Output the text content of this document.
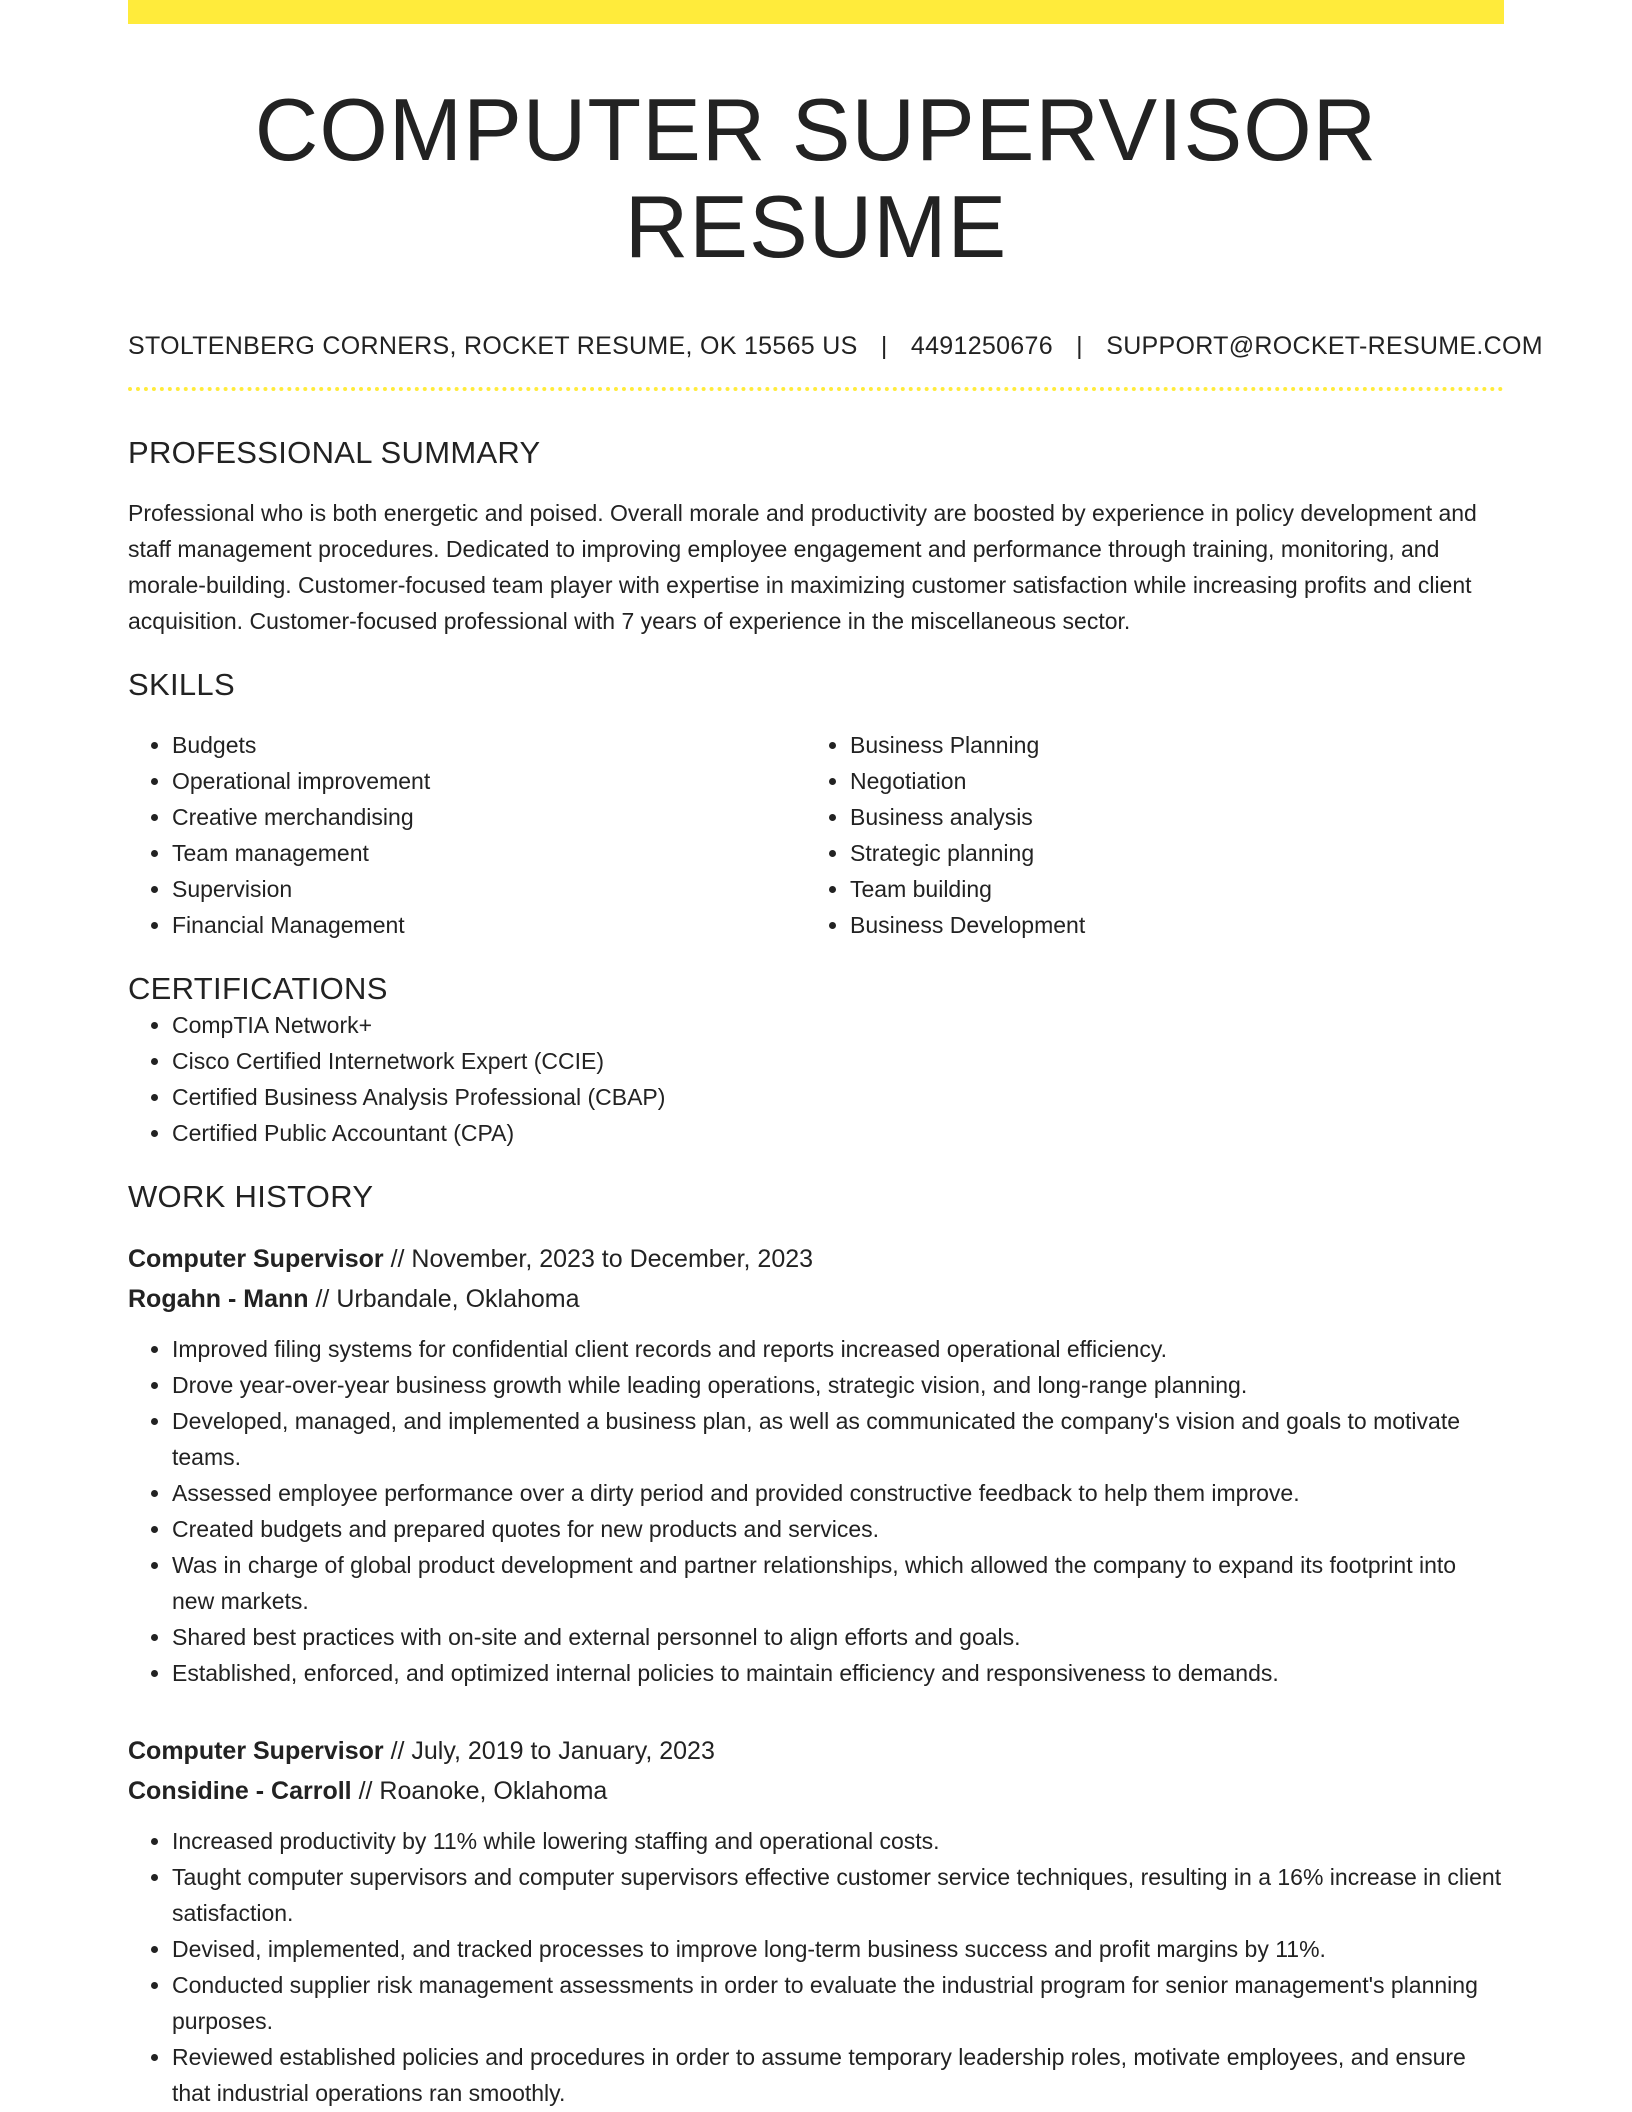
COMPUTER SUPERVISOR RESUME
STOLTENBERG CORNERS, ROCKET RESUME, OK 15565 US | 4491250676 | SUPPORT@ROCKET-RESUME.COM
PROFESSIONAL SUMMARY

Professional who is both energetic and poised. Overall morale and productivity are boosted by experience in policy development and staff management procedures. Dedicated to improving employee engagement and performance through training, monitoring, and morale-building. Customer-focused team player with expertise in maximizing customer satisfaction while increasing profits and client acquisition. Customer-focused professional with 7 years of experience in the miscellaneous sector.

SKILLS
• Budgets
• Operational improvement
• Creative merchandising
• Team management
• Supervision
• Financial Management
• Business Planning
• Negotiation
• Business analysis
• Strategic planning
• Team building
• Business Development
CERTIFICATIONS
• CompTIA Network+
• Cisco Certified Internetwork Expert (CCIE)
• Certified Business Analysis Professional (CBAP)
• Certified Public Accountant (CPA)
WORK HISTORY
Computer Supervisor // November, 2023 to December, 2023
Rogahn - Mann // Urbandale, Oklahoma
• Improved filing systems for confidential client records and reports increased operational efficiency.
• Drove year-over-year business growth while leading operations, strategic vision, and long-range planning.
• Developed, managed, and implemented a business plan, as well as communicated the company's vision and goals to motivate teams.
• Assessed employee performance over a dirty period and provided constructive feedback to help them improve.
• Created budgets and prepared quotes for new products and services.
• Was in charge of global product development and partner relationships, which allowed the company to expand its footprint into new markets.
• Shared best practices with on-site and external personnel to align efforts and goals.
• Established, enforced, and optimized internal policies to maintain efficiency and responsiveness to demands.
Computer Supervisor // July, 2019 to January, 2023
Considine - Carroll // Roanoke, Oklahoma
• Increased productivity by 11% while lowering staffing and operational costs.
• Taught computer supervisors and computer supervisors effective customer service techniques, resulting in a 16% increase in client satisfaction.
• Devised, implemented, and tracked processes to improve long-term business success and profit margins by 11%.
• Conducted supplier risk management assessments in order to evaluate the industrial program for senior management's planning purposes.
• Reviewed established policies and procedures in order to assume temporary leadership roles, motivate employees, and ensure that industrial operations ran smoothly.
